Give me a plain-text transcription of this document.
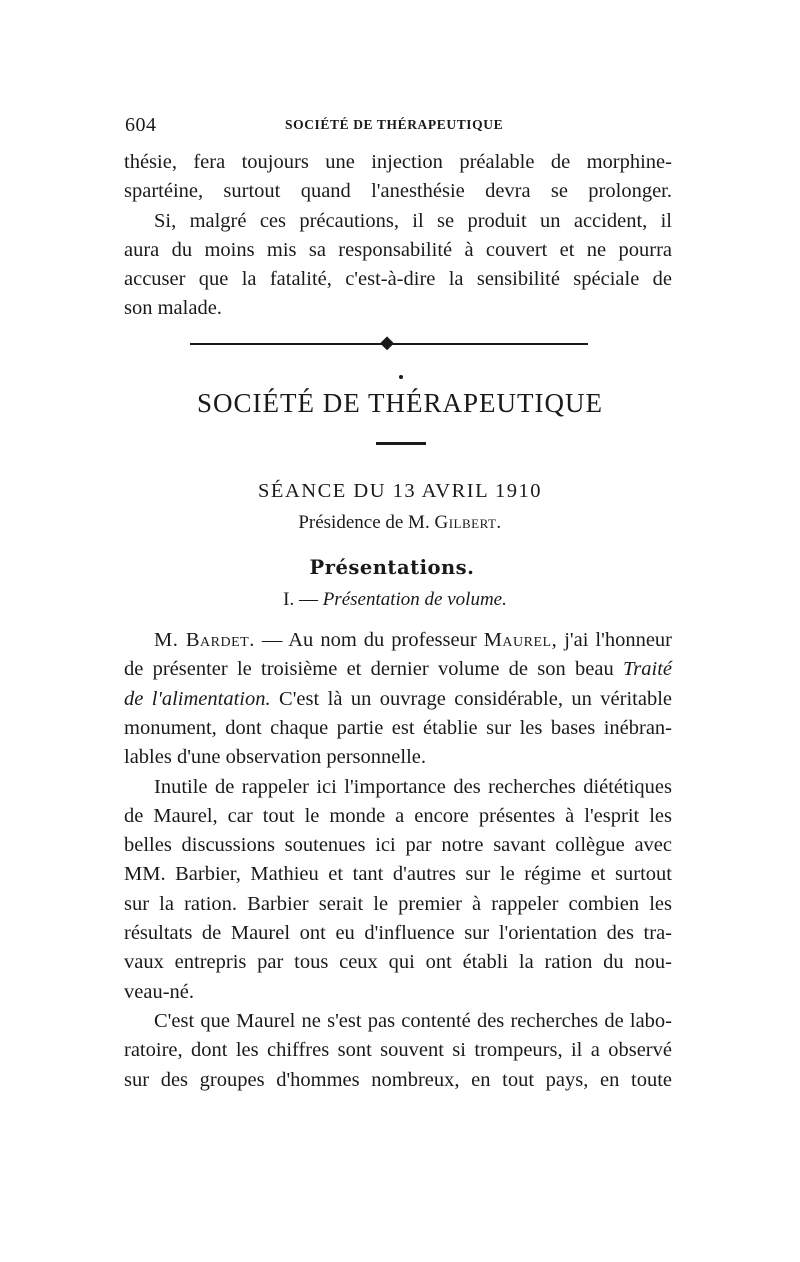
604	SOCIÉTÉ DE THÉRAPEUTIQUE
thésie, fera toujours une injection préalable de morphine-
spartéine, surtout quand l'anesthésie devra se prolonger.
Si, malgré ces précautions, il se produit un accident, il
aura du moins mis sa responsabilité à couvert et ne pourra
accuser que la fatalité, c'est-à-dire la sensibilité spéciale de
son malade.
◆
SOCIÉTÉ DE THÉRAPEUTIQUE
SÉANCE DU 13 AVRIL 1910
Présidence de M. Gilbert.
Présentations.
I. — Présentation de volume.
M. Bardet. — Au nom du professeur Maurel, j'ai l'honneur
de présenter le troisième et dernier volume de son beau Traité
de l'alimentation. C'est là un ouvrage considérable, un véritable
monument, dont chaque partie est établie sur les bases inébran-
lables d'une observation personnelle.
Inutile de rappeler ici l'importance des recherches diététiques
de Maurel, car tout le monde a encore présentes à l'esprit les
belles discussions soutenues ici par notre savant collègue avec
MM. Barbier, Mathieu et tant d'autres sur le régime et surtout
sur la ration. Barbier serait le premier à rappeler combien les
résultats de Maurel ont eu d'influence sur l'orientation des tra-
vaux entrepris par tous ceux qui ont établi la ration du nou-
veau-né.
C'est que Maurel ne s'est pas contenté des recherches de labo-
ratoire, dont les chiffres sont souvent si trompeurs, il a observé
sur des groupes d'hommes nombreux, en tout pays, en toute
